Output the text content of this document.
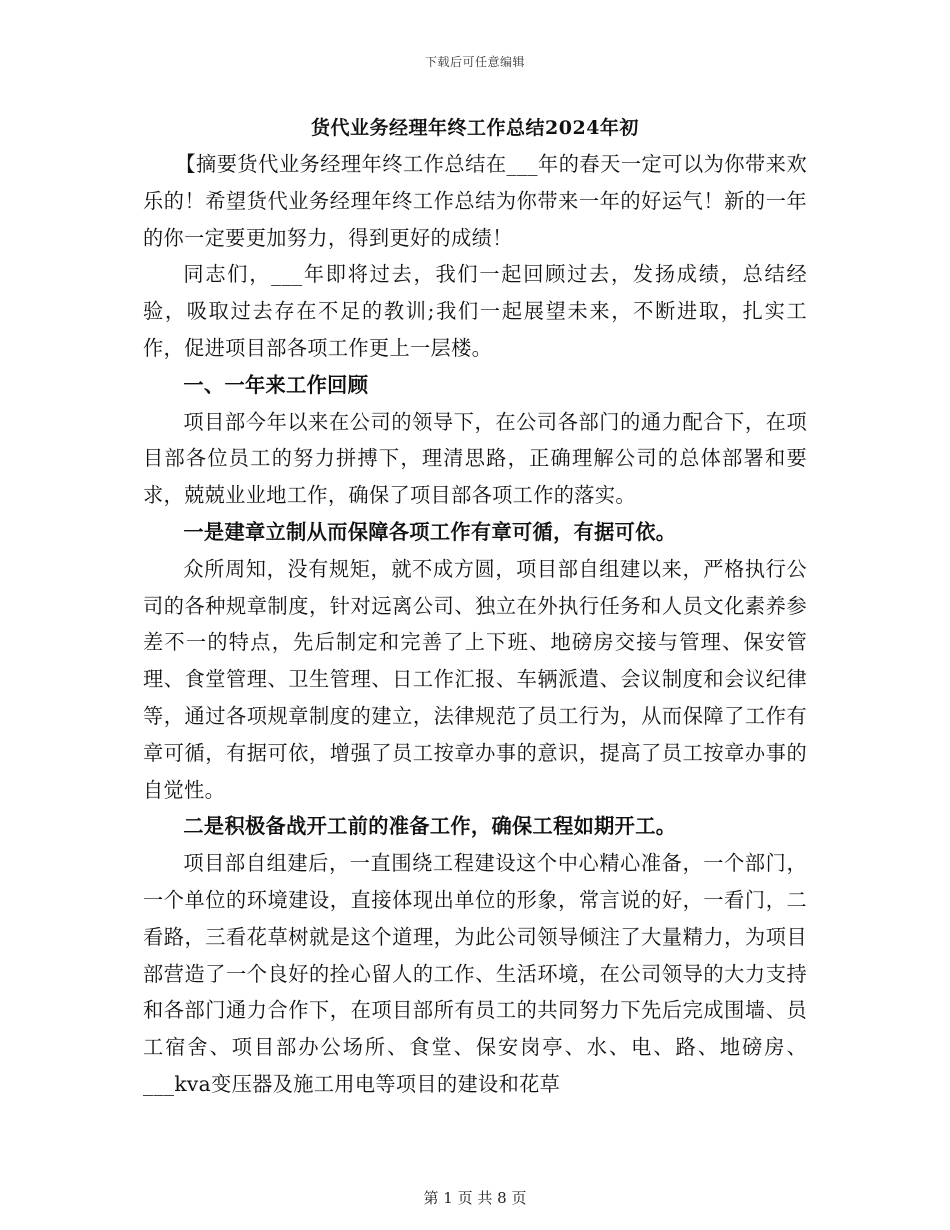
下载后可任意编辑
货代业务经理年终工作总结2024年初

【摘要货代业务经理年终工作总结在___年的春天一定可以为你带来欢乐的！希望货代业务经理年终工作总结为你带来一年的好运气！新的一年的你一定要更加努力，得到更好的成绩！

同志们，___年即将过去，我们一起回顾过去，发扬成绩，总结经验，吸取过去存在不足的教训;我们一起展望未来，不断进取，扎实工作，促进项目部各项工作更上一层楼。

一、一年来工作回顾

项目部今年以来在公司的领导下，在公司各部门的通力配合下，在项目部各位员工的努力拼搏下，理清思路，正确理解公司的总体部署和要求，兢兢业业地工作，确保了项目部各项工作的落实。

一是建章立制从而保障各项工作有章可循，有据可依。

众所周知，没有规矩，就不成方圆，项目部自组建以来，严格执行公司的各种规章制度，针对远离公司、独立在外执行任务和人员文化素养参差不一的特点，先后制定和完善了上下班、地磅房交接与管理、保安管理、食堂管理、卫生管理、日工作汇报、车辆派遣、会议制度和会议纪律等，通过各项规章制度的建立，法律规范了员工行为，从而保障了工作有章可循，有据可依，增强了员工按章办事的意识，提高了员工按章办事的自觉性。

二是积极备战开工前的准备工作，确保工程如期开工。

项目部自组建后，一直围绕工程建设这个中心精心准备，一个部门，一个单位的环境建设，直接体现出单位的形象，常言说的好，一看门，二看路，三看花草树就是这个道理，为此公司领导倾注了大量精力，为项目部营造了一个良好的拴心留人的工作、生活环境，在公司领导的大力支持和各部门通力合作下，在项目部所有员工的共同努力下先后完成围墙、员工宿舍、项目部办公场所、食堂、保安岗亭、水、电、路、地磅房、___kva变压器及施工用电等项目的建设和花草

第 1 页 共 8 页
